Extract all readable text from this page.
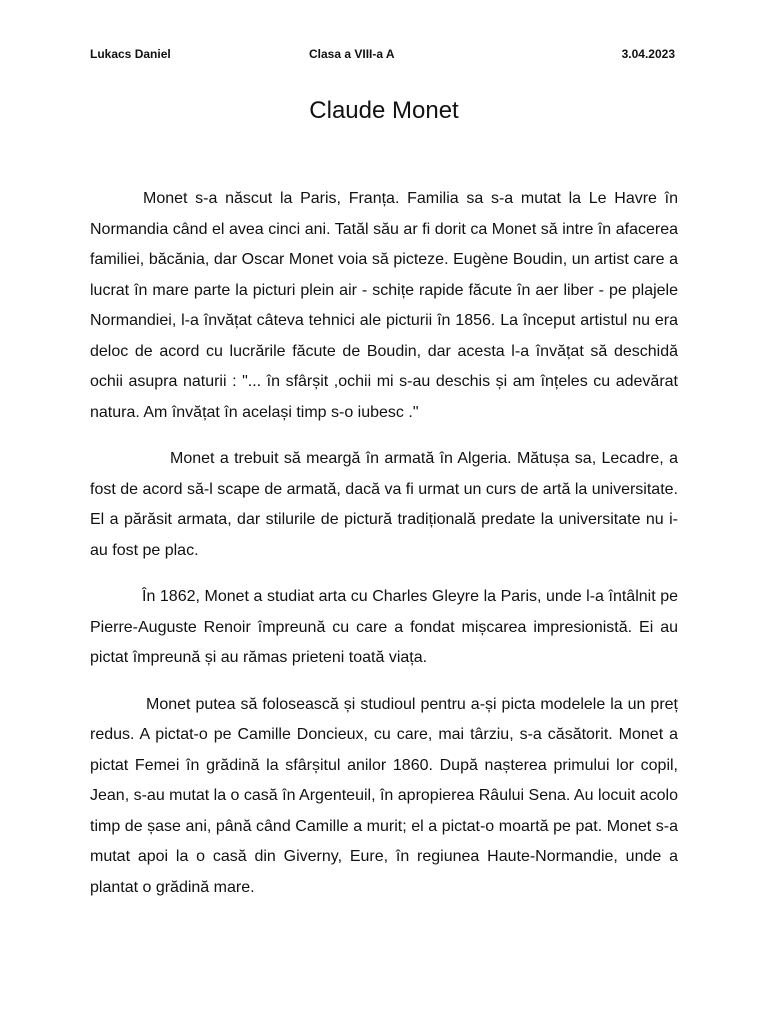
Lukacs Daniel	Clasa a VIII-a A	3.04.2023
Claude Monet

Monet s-a născut la Paris, Franța. Familia sa s-a mutat la Le Havre în Normandia când el avea cinci ani. Tatăl său ar fi dorit ca Monet să intre în afacerea familiei, băcănia, dar Oscar Monet voia să picteze. Eugène Boudin, un artist care a lucrat în mare parte la picturi plein air - schițe rapide făcute în aer liber - pe plajele Normandiei, l-a învățat câteva tehnici ale picturii în 1856. La început artistul nu era deloc de acord cu lucrările făcute de Boudin, dar acesta l-a învățat să deschidă ochii asupra naturii : "... în sfârșit ,ochii mi s-au deschis și am înțeles cu adevărat natura. Am învățat în același timp s-o iubesc ."

Monet a trebuit să meargă în armată în Algeria. Mătușa sa, Lecadre, a fost de acord să-l scape de armată, dacă va fi urmat un curs de artă la universitate. El a părăsit armata, dar stilurile de pictură tradițională predate la universitate nu i-au fost pe plac.

În 1862, Monet a studiat arta cu Charles Gleyre la Paris, unde l-a întâlnit pe Pierre-Auguste Renoir împreună cu care a fondat mișcarea impresionistă. Ei au pictat împreună și au rămas prieteni toată viața.

Monet putea să folosească și studioul pentru a-și picta modelele la un preț redus. A pictat-o pe Camille Doncieux, cu care, mai târziu, s-a căsătorit. Monet a pictat Femei în grădină la sfârșitul anilor 1860. După nașterea primului lor copil, Jean, s-au mutat la o casă în Argenteuil, în apropierea Râului Sena. Au locuit acolo timp de șase ani, până când Camille a murit; el a pictat-o moartă pe pat. Monet s-a mutat apoi la o casă din Giverny, Eure, în regiunea Haute-Normandie, unde a plantat o grădină mare.
